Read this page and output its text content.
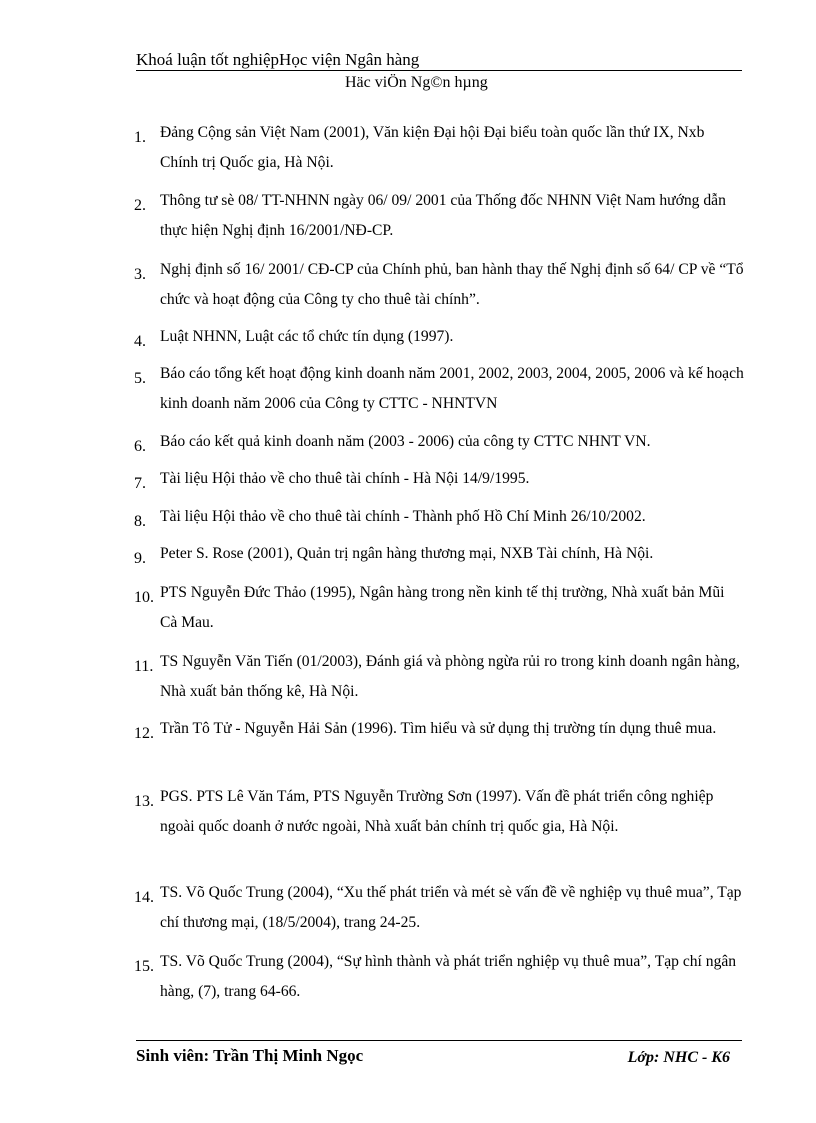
Khoá luận tốt nghiệpHọc viện Ngân hàng
Häc viÖn Ng©n hµng
1. Đảng Cộng sản Việt Nam (2001), Văn kiện Đại hội Đại biểu toàn quốc lần thứ IX, Nxb Chính trị Quốc gia, Hà Nội.
2. Thông tư sè 08/ TT-NHNN ngày 06/ 09/ 2001 của Thống đốc NHNN Việt Nam hướng dẫn thực hiện Nghị định 16/2001/NĐ-CP.
3. Nghị định số 16/ 2001/ CĐ-CP của Chính phủ, ban hành thay thế Nghị định số 64/ CP về “Tổ chức và hoạt động của Công ty cho thuê tài chính”.
4. Luật NHNN, Luật các tổ chức tín dụng (1997).
5. Báo cáo tổng kết hoạt động kinh doanh năm 2001, 2002, 2003, 2004, 2005, 2006 và kế hoạch kinh doanh năm 2006 của Công ty CTTC - NHNTVN
6. Báo cáo kết quả kinh doanh năm (2003 - 2006) của công ty CTTC NHNT VN.
7. Tài liệu Hội thảo về cho thuê tài chính - Hà Nội 14/9/1995.
8. Tài liệu Hội thảo về cho thuê tài chính - Thành phố Hồ Chí Minh 26/10/2002.
9. Peter S. Rose (2001), Quản trị ngân hàng thương mại, NXB Tài chính, Hà Nội.
10. PTS Nguyễn Đức Thảo (1995), Ngân hàng trong nền kinh tế thị trường, Nhà xuất bản Mũi Cà Mau.
11. TS Nguyễn Văn Tiến (01/2003), Đánh giá và phòng ngừa rủi ro trong kinh doanh ngân hàng, Nhà xuất bản thống kê, Hà Nội.
12. Trần Tô Tử - Nguyễn Hải Sản (1996). Tìm hiểu và sử dụng thị trường tín dụng thuê mua.
13. PGS. PTS Lê Văn Tám, PTS Nguyễn Trường Sơn (1997). Vấn đề phát triển công nghiệp ngoài quốc doanh ở nước ngoài, Nhà xuất bản chính trị quốc gia, Hà Nội.
14. TS. Võ Quốc Trung (2004), “Xu thế phát triển và mét sè vấn đề về nghiệp vụ thuê mua”, Tạp chí thương mại, (18/5/2004), trang 24-25.
15. TS. Võ Quốc Trung (2004), “Sự hình thành và phát triển nghiệp vụ thuê mua”, Tạp chí ngân hàng, (7), trang 64-66.
Sinh viên: Trần Thị Minh Ngọc	Lớp: NHC - K6
